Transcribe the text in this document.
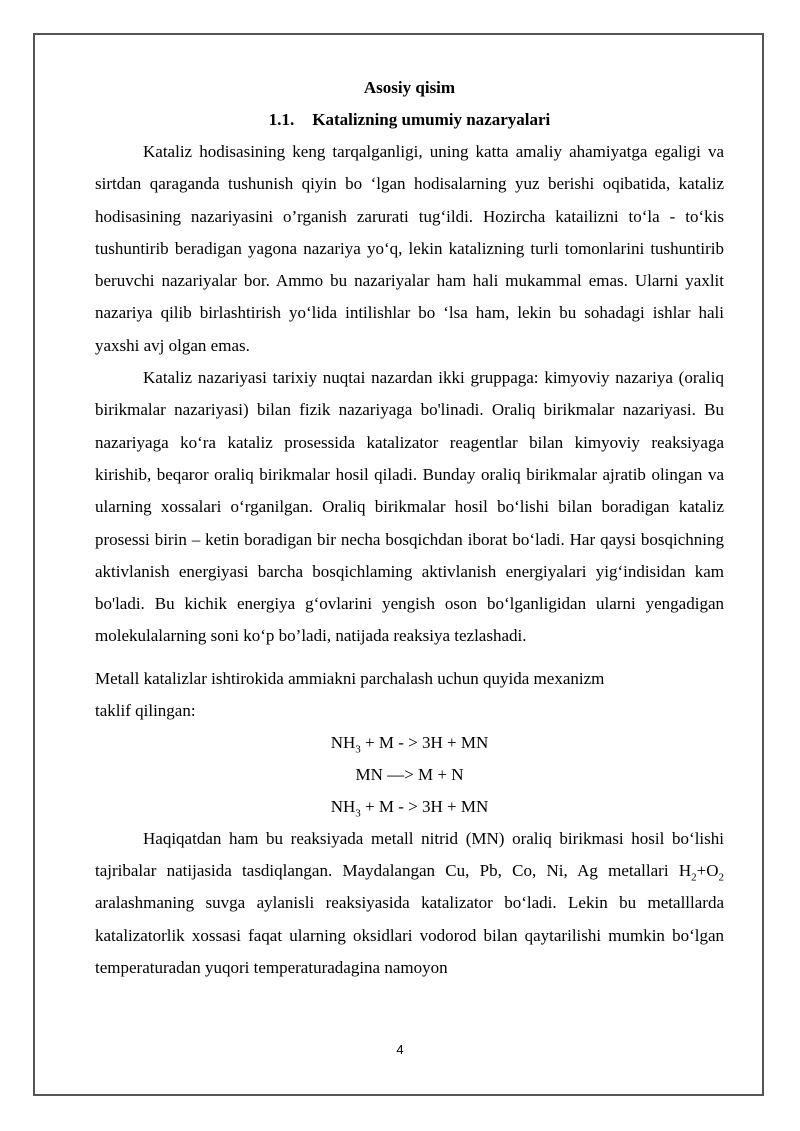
Asosiy qisim

1.1. Katalizning umumiy nazaryalari

Kataliz hodisasining keng tarqalganligi, uning katta amaliy ahamiyatga egaligi va sirtdan qaraganda tushunish qiyin bo ‘lgan hodisalarning yuz berishi oqibatida, kataliz hodisasining nazariyasini o’rganish zarurati tug‘ildi. Hozircha katailizni to‘la - to‘kis tushuntirib beradigan yagona nazariya yo‘q, lekin katalizning turli tomonlarini tushuntirib beruvchi nazariyalar bor. Ammo bu nazariyalar ham hali mukammal emas. Ularni yaxlit nazariya qilib birlashtirish yo‘lida intilishlar bo ‘lsa ham, lekin bu sohadagi ishlar hali yaxshi avj olgan emas.

Kataliz nazariyasi tarixiy nuqtai nazardan ikki gruppaga: kimyoviy nazariya (oraliq birikmalar nazariyasi) bilan fizik nazariyaga bo'linadi. Oraliq birikmalar nazariyasi. Bu nazariyaga ko‘ra kataliz prosessida katalizator reagentlar bilan kimyoviy reaksiyaga kirishib, beqaror oraliq birikmalar hosil qiladi. Bunday oraliq birikmalar ajratib olingan va ularning xossalari o‘rganilgan. Oraliq birikmalar hosil bo‘lishi bilan boradigan kataliz prosessi birin – ketin boradigan bir necha bosqichdan iborat bo‘ladi. Har qaysi bosqichning aktivlanish energiyasi barcha bosqichlaming aktivlanish energiyalari yig‘indisidan kam bo'ladi. Bu kichik energiya g‘ovlarini yengish oson bo‘lganligidan ularni yengadigan molekulalarning soni ko‘p bo’ladi, natijada reaksiya tezlashadi.

Metall katalizlar ishtirokida ammiakni parchalash uchun quyida mexanizm
taklif qilingan:

$NH_3 + M$ - > 3H + MN

MN —> M + N

$NH_3 + M$ - > 3H + MN

Haqiqatdan ham bu reaksiyada metall nitrid (MN) oraliq birikmasi hosil bo‘lishi tajribalar natijasida tasdiqlangan. Maydalangan Cu, Pb, Co, Ni, Ag metallari $H_2+O_2$ aralashmaning suvga aylanisli reaksiyasida katalizator bo‘ladi. Lekin bu metalllarda katalizatorlik xossasi faqat ularning oksidlari vodorod bilan qaytarilishi mumkin bo‘lgan temperaturadan yuqori temperaturadagina namoyon

4
